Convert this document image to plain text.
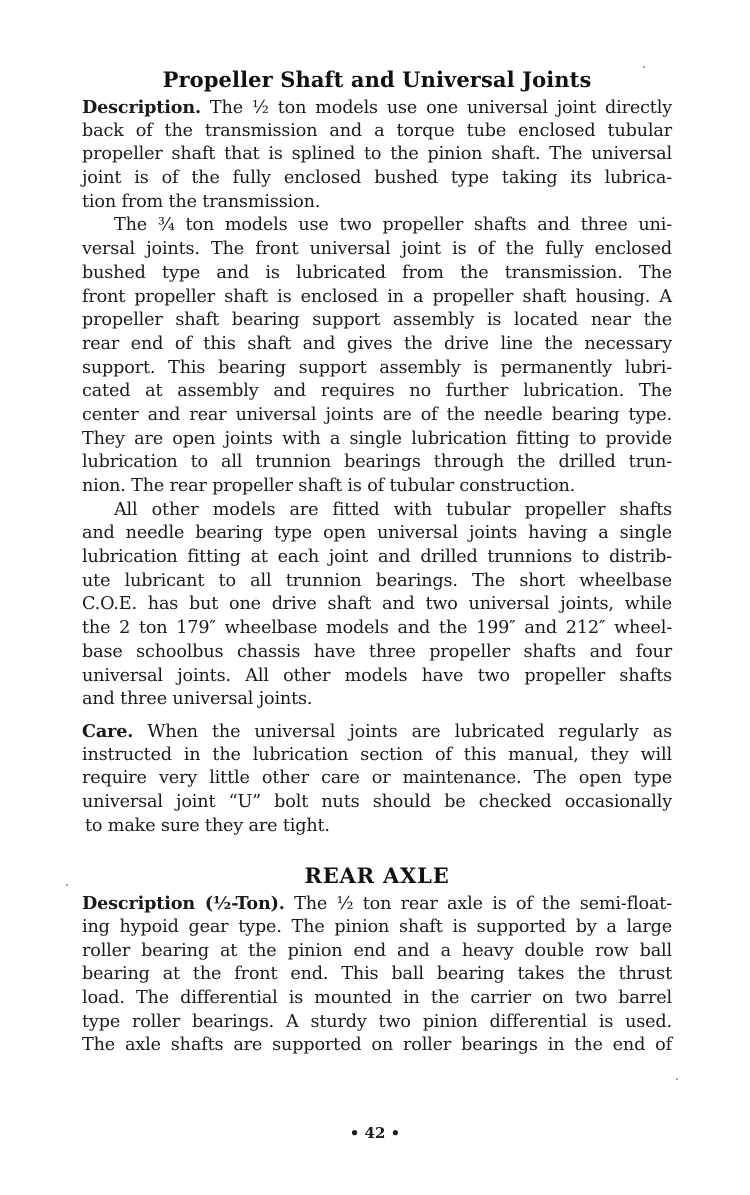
Propeller Shaft and Universal Joints
Description. The ½ ton models use one universal joint directly
back of the transmission and a torque tube enclosed tubular
propeller shaft that is splined to the pinion shaft. The universal
joint is of the fully enclosed bushed type taking its lubrica-
tion from the transmission.
The ¾ ton models use two propeller shafts and three uni-
versal joints. The front universal joint is of the fully enclosed
bushed type and is lubricated from the transmission. The
front propeller shaft is enclosed in a propeller shaft housing. A
propeller shaft bearing support assembly is located near the
rear end of this shaft and gives the drive line the necessary
support. This bearing support assembly is permanently lubri-
cated at assembly and requires no further lubrication. The
center and rear universal joints are of the needle bearing type.
They are open joints with a single lubrication fitting to provide
lubrication to all trunnion bearings through the drilled trun-
nion. The rear propeller shaft is of tubular construction.
All other models are fitted with tubular propeller shafts
and needle bearing type open universal joints having a single
lubrication fitting at each joint and drilled trunnions to distrib-
ute lubricant to all trunnion bearings. The short wheelbase
C.O.E. has but one drive shaft and two universal joints, while
the 2 ton 179″ wheelbase models and the 199″ and 212″ wheel-
base schoolbus chassis have three propeller shafts and four
universal joints. All other models have two propeller shafts
and three universal joints.
Care. When the universal joints are lubricated regularly as
instructed in the lubrication section of this manual, they will
require very little other care or maintenance. The open type
universal joint “U” bolt nuts should be checked occasionally
to make sure they are tight.
REAR AXLE
Description (½-Ton). The ½ ton rear axle is of the semi-float-
ing hypoid gear type. The pinion shaft is supported by a large
roller bearing at the pinion end and a heavy double row ball
bearing at the front end. This ball bearing takes the thrust
load. The differential is mounted in the carrier on two barrel
type roller bearings. A sturdy two pinion differential is used.
The axle shafts are supported on roller bearings in the end of
• 42 •
